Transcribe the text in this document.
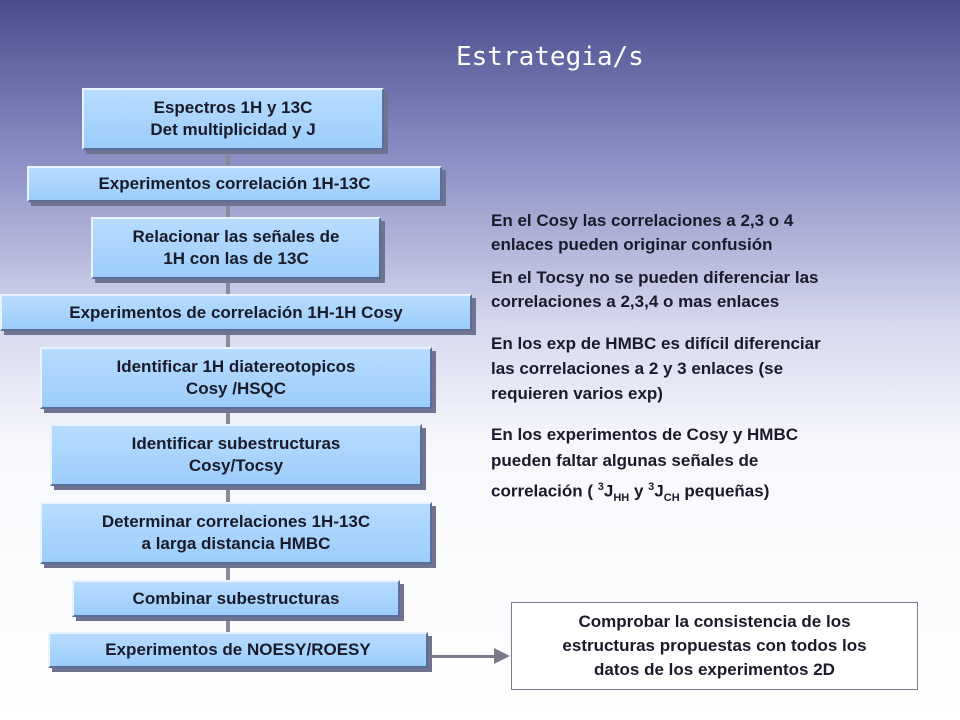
Estrategia/s
Espectros 1H y 13C
Det multiplicidad y J
Experimentos correlación 1H-13C
Relacionar las señales de
1H con las de 13C
Experimentos de correlación 1H-1H Cosy
Identificar 1H diatereotopicos
Cosy /HSQC
Identificar subestructuras
Cosy/Tocsy
Determinar correlaciones 1H-13C
a larga distancia HMBC
Combinar subestructuras
Experimentos de NOESY/ROESY
En el Cosy las correlaciones a 2,3 o 4
enlaces pueden originar confusión
En el Tocsy no se pueden diferenciar las
correlaciones a 2,3,4 o mas enlaces
En los exp de HMBC es difícil diferenciar
las correlaciones a 2 y 3 enlaces (se
requieren varios exp)
En los experimentos de Cosy y HMBC
pueden faltar algunas señales de
correlación ( $^3J_{HH}$ y $^3J_{CH}$ pequeñas)
Comprobar la consistencia de los
estructuras propuestas con todos los
datos de los experimentos 2D
